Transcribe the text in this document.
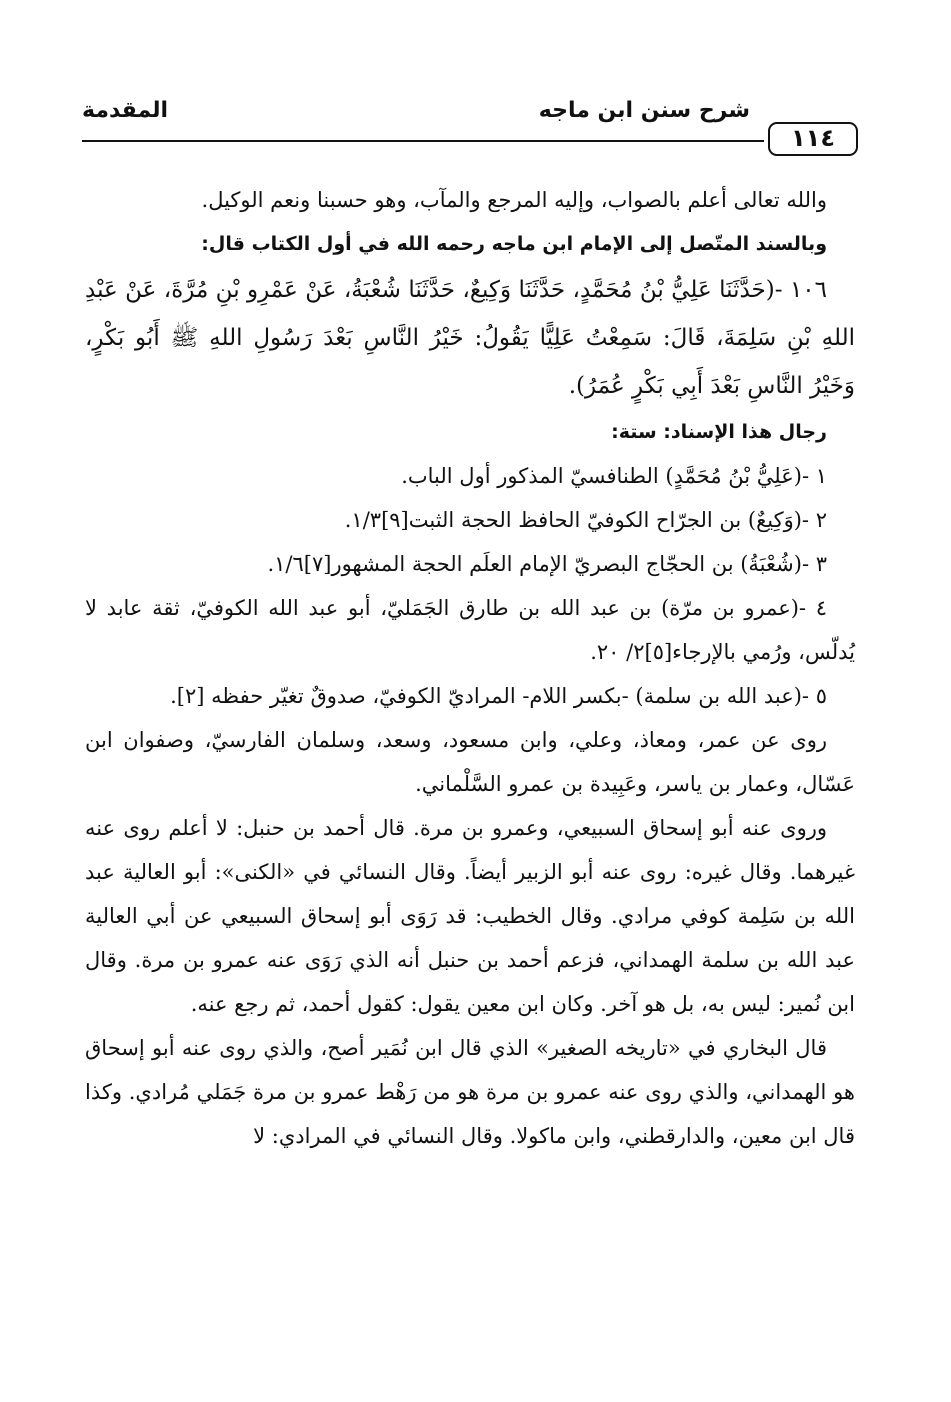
شرح سنن ابن ماجه
المقدمة
١١٤

والله تعالى أعلم بالصواب، وإليه المرجع والمآب، وهو حسبنا ونعم الوكيل.

وبالسند المتّصل إلى الإمام ابن ماجه رحمه الله في أول الكتاب قال:

١٠٦ -(حَدَّثَنَا عَلِيُّ بْنُ مُحَمَّدٍ، حَدَّثَنَا وَكِيعٌ، حَدَّثَنَا شُعْبَةُ، عَنْ عَمْرِو بْنِ مُرَّةَ، عَنْ عَبْدِ اللهِ بْنِ سَلِمَةَ، قَالَ: سَمِعْتُ عَلِيًّا يَقُولُ: خَيْرُ النَّاسِ بَعْدَ رَسُولِ اللهِ ﷺ أَبُو بَكْرٍ، وَخَيْرُ النَّاسِ بَعْدَ أَبِي بَكْرٍ عُمَرُ).

رجال هذا الإسناد: ستة:

١ -(عَلِيُّ بْنُ مُحَمَّدٍ) الطنافسيّ المذكور أول الباب.

٢ -(وَكِيعٌ) بن الجرّاح الكوفيّ الحافظ الحجة الثبت[٩]١/٣.

٣ -(شُعْبَةُ) بن الحجّاج البصريّ الإمام العلَم الحجة المشهور[٧]١/٦.

٤ -(عمرو بن مرّة) بن عبد الله بن طارق الجَمَليّ، أبو عبد الله الكوفيّ، ثقة عابد لا يُدلّس، ورُمي بالإرجاء[٥]٢/ ٢٠.

٥ -(عبد الله بن سلمة) -بكسر اللام- المراديّ الكوفيّ، صدوقٌ تغيّر حفظه [٢].

روى عن عمر، ومعاذ، وعلي، وابن مسعود، وسعد، وسلمان الفارسيّ، وصفوان ابن عَسّال، وعمار بن ياسر، وعَبِيدة بن عمرو السَّلْماني.

وروى عنه أبو إسحاق السبيعي، وعمرو بن مرة. قال أحمد بن حنبل: لا أعلم روى عنه غيرهما. وقال غيره: روى عنه أبو الزبير أيضاً. وقال النسائي في «الكنى»: أبو العالية عبد الله بن سَلِمة كوفي مرادي. وقال الخطيب: قد رَوَى أبو إسحاق السبيعي عن أبي العالية عبد الله بن سلمة الهمداني، فزعم أحمد بن حنبل أنه الذي رَوَى عنه عمرو بن مرة. وقال ابن نُمير: ليس به، بل هو آخر. وكان ابن معين يقول: كقول أحمد، ثم رجع عنه.

قال البخاري في «تاريخه الصغير» الذي قال ابن نُمَير أصح، والذي روى عنه أبو إسحاق هو الهمداني، والذي روى عنه عمرو بن مرة هو من رَهْط عمرو بن مرة جَمَلي مُرادي. وكذا قال ابن معين، والدارقطني، وابن ماكولا. وقال النسائي في المرادي: لا
